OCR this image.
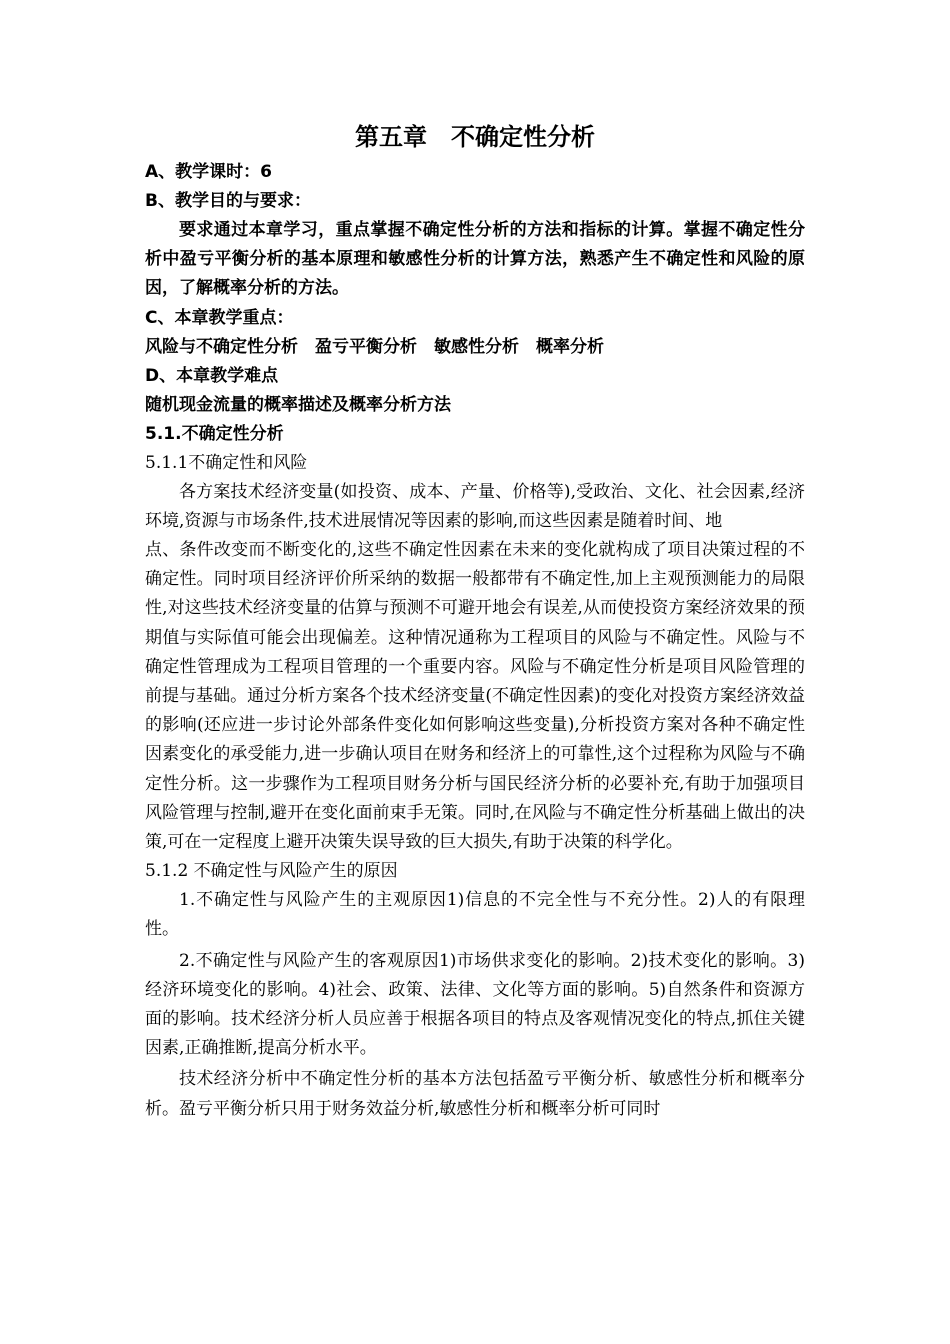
第五章　不确定性分析
A、教学课时：6
B、教学目的与要求：

要求通过本章学习，重点掌握不确定性分析的方法和指标的计算。掌握不确定性分析中盈亏平衡分析的基本原理和敏感性分析的计算方法，熟悉产生不确定性和风险的原因，了解概率分析的方法。

C、本章教学重点：
风险与不确定性分析　盈亏平衡分析　敏感性分析　概率分析
D、本章教学难点
随机现金流量的概率描述及概率分析方法
5.1.不确定性分析
5.1.1不确定性和风险

各方案技术经济变量(如投资、成本、产量、价格等),受政治、文化、社会因素,经济环境,资源与市场条件,技术进展情况等因素的影响,而这些因素是随着时间、地

点、条件改变而不断变化的,这些不确定性因素在未来的变化就构成了项目决策过程的不确定性。同时项目经济评价所采纳的数据一般都带有不确定性,加上主观预测能力的局限性,对这些技术经济变量的估算与预测不可避开地会有误差,从而使投资方案经济效果的预期值与实际值可能会出现偏差。这种情况通称为工程项目的风险与不确定性。风险与不确定性管理成为工程项目管理的一个重要内容。风险与不确定性分析是项目风险管理的前提与基础。通过分析方案各个技术经济变量(不确定性因素)的变化对投资方案经济效益的影响(还应进一步讨论外部条件变化如何影响这些变量),分析投资方案对各种不确定性因素变化的承受能力,进一步确认项目在财务和经济上的可靠性,这个过程称为风险与不确定性分析。这一步骤作为工程项目财务分析与国民经济分析的必要补充,有助于加强项目风险管理与控制,避开在变化面前束手无策。同时,在风险与不确定性分析基础上做出的决策,可在一定程度上避开决策失误导致的巨大损失,有助于决策的科学化。

5.1.2 不确定性与风险产生的原因

1.不确定性与风险产生的主观原因1)信息的不完全性与不充分性。2)人的有限理性。

2.不确定性与风险产生的客观原因1)市场供求变化的影响。2)技术变化的影响。3)经济环境变化的影响。4)社会、政策、法律、文化等方面的影响。5)自然条件和资源方面的影响。技术经济分析人员应善于根据各项目的特点及客观情况变化的特点,抓住关键因素,正确推断,提高分析水平。

技术经济分析中不确定性分析的基本方法包括盈亏平衡分析、敏感性分析和概率分析。盈亏平衡分析只用于财务效益分析,敏感性分析和概率分析可同时
